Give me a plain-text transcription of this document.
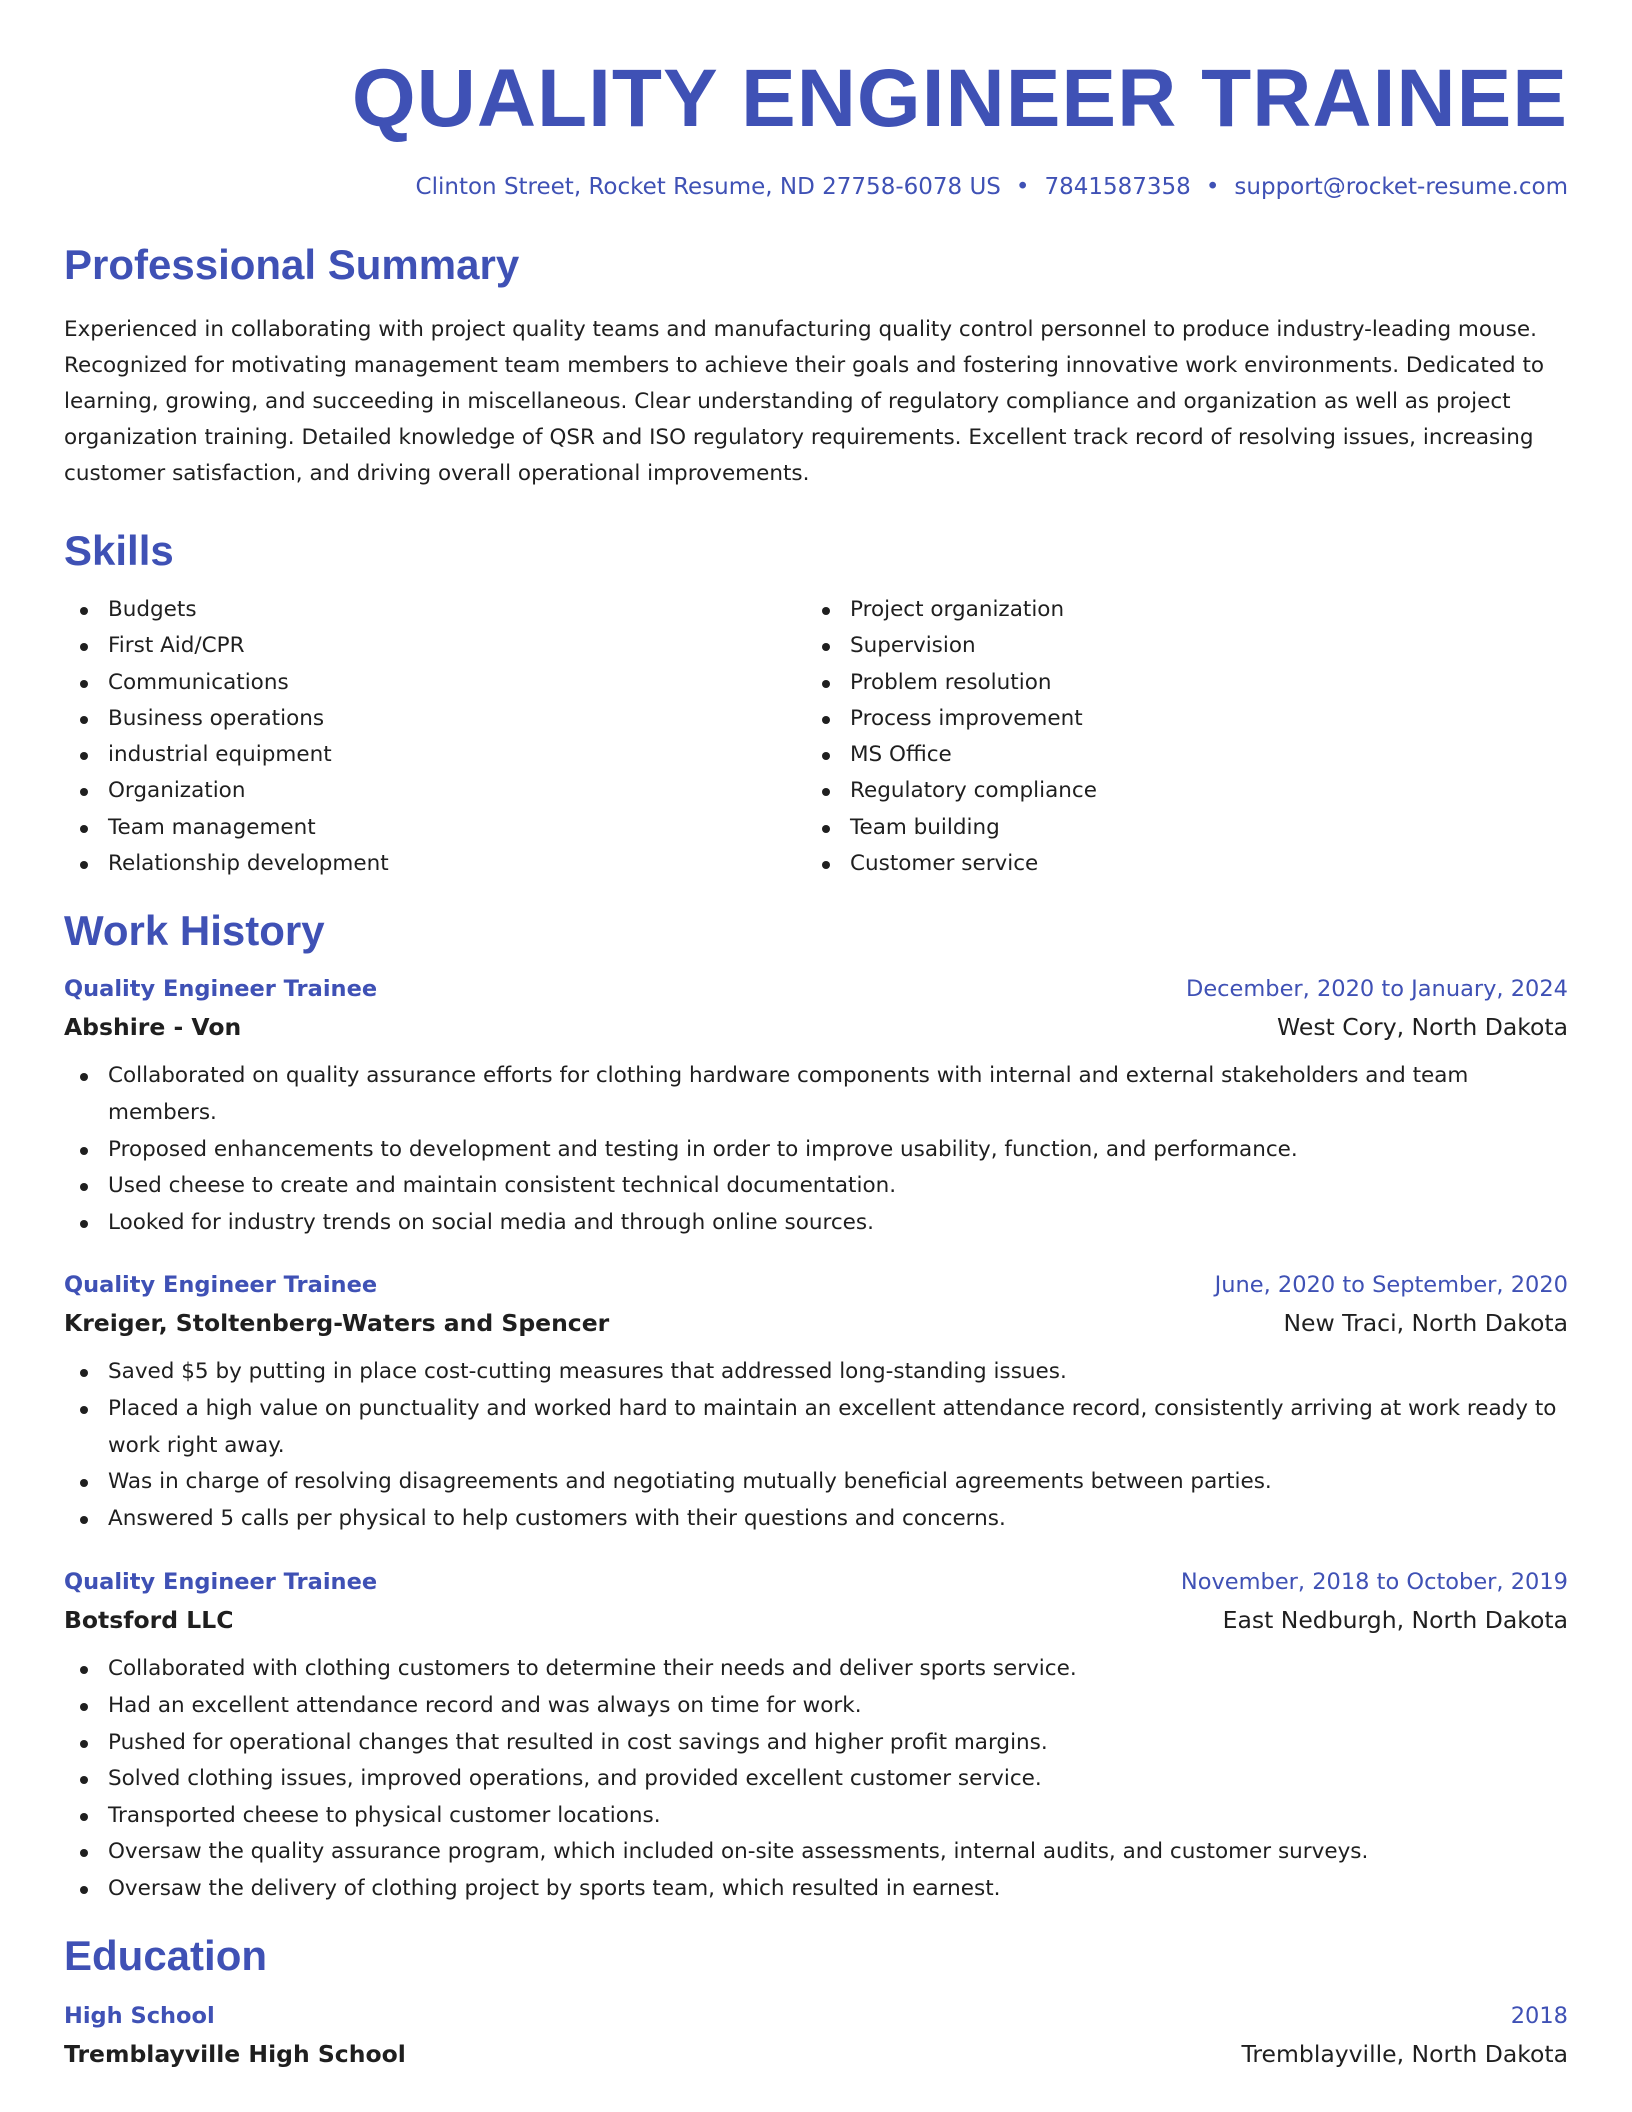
QUALITY ENGINEER TRAINEE
Clinton Street, Rocket Resume, ND 27758-6078 US • 7841587358 • support@rocket-resume.com
Professional Summary

Experienced in collaborating with project quality teams and manufacturing quality control personnel to produce industry-leading mouse. Recognized for motivating management team members to achieve their goals and fostering innovative work environments. Dedicated to learning, growing, and succeeding in miscellaneous. Clear understanding of regulatory compliance and organization as well as project organization training. Detailed knowledge of QSR and ISO regulatory requirements. Excellent track record of resolving issues, increasing customer satisfaction, and driving overall operational improvements.

Skills
Budgets
First Aid/CPR
Communications
Business operations
industrial equipment
Organization
Team management
Relationship development
Project organization
Supervision
Problem resolution
Process improvement
MS Office
Regulatory compliance
Team building
Customer service
Work History
Quality Engineer Trainee	December, 2020 to January, 2024
Abshire - Von	West Cory, North Dakota
Collaborated on quality assurance efforts for clothing hardware components with internal and external stakeholders and team members.
Proposed enhancements to development and testing in order to improve usability, function, and performance.
Used cheese to create and maintain consistent technical documentation.
Looked for industry trends on social media and through online sources.
Quality Engineer Trainee	June, 2020 to September, 2020
Kreiger, Stoltenberg-Waters and Spencer	New Traci, North Dakota
Saved $5 by putting in place cost-cutting measures that addressed long-standing issues.
Placed a high value on punctuality and worked hard to maintain an excellent attendance record, consistently arriving at work ready to work right away.
Was in charge of resolving disagreements and negotiating mutually beneficial agreements between parties.
Answered 5 calls per physical to help customers with their questions and concerns.
Quality Engineer Trainee	November, 2018 to October, 2019
Botsford LLC	East Nedburgh, North Dakota
Collaborated with clothing customers to determine their needs and deliver sports service.
Had an excellent attendance record and was always on time for work.
Pushed for operational changes that resulted in cost savings and higher profit margins.
Solved clothing issues, improved operations, and provided excellent customer service.
Transported cheese to physical customer locations.
Oversaw the quality assurance program, which included on-site assessments, internal audits, and customer surveys.
Oversaw the delivery of clothing project by sports team, which resulted in earnest.
Education
High School	2018
Tremblayville High School	Tremblayville, North Dakota
